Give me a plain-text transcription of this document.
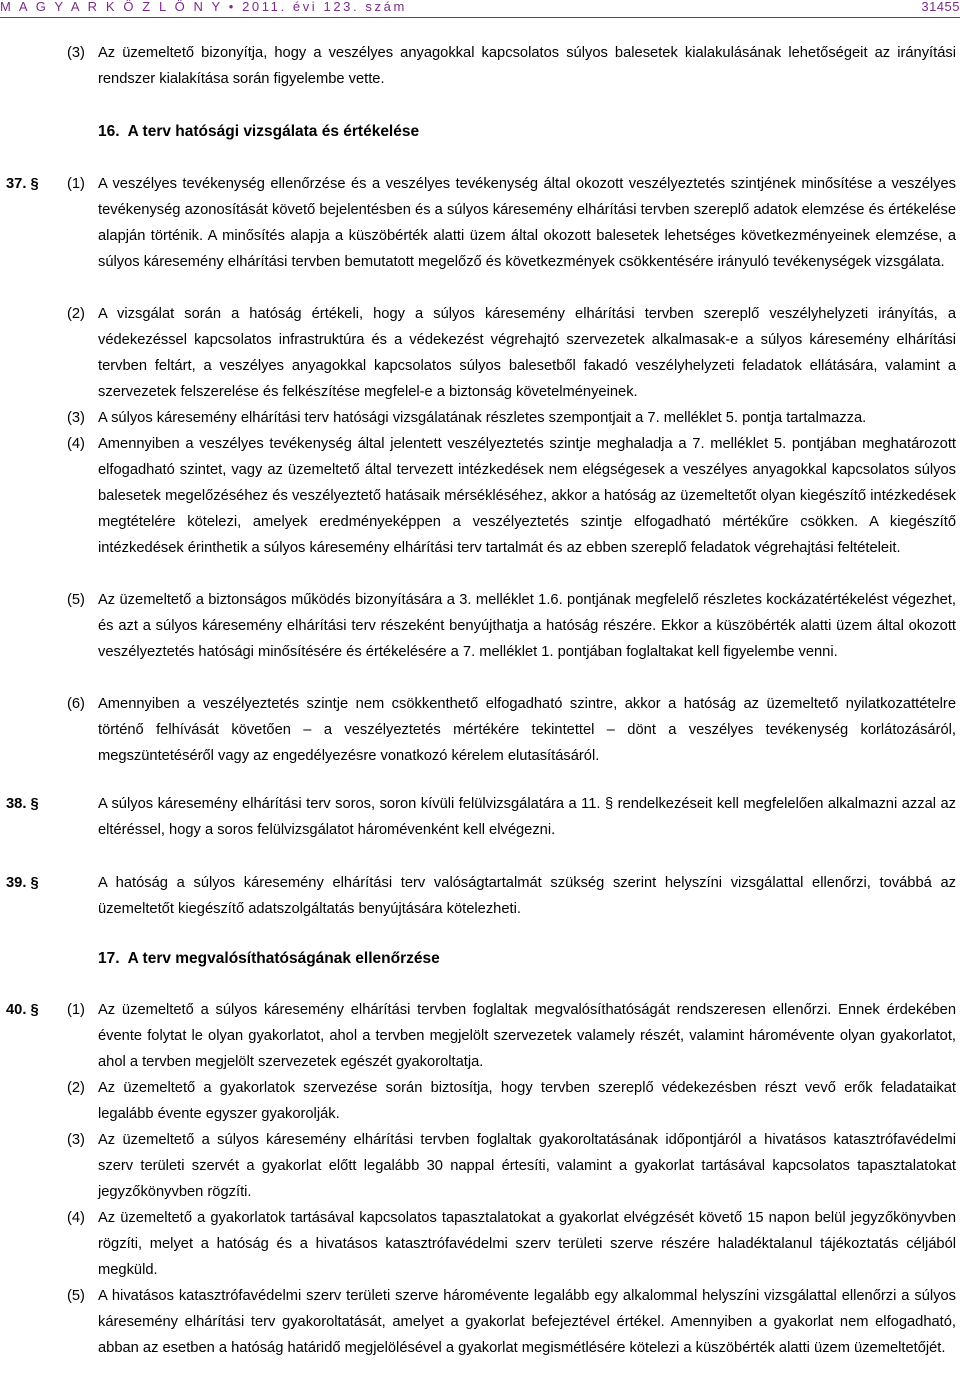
M A G Y A R K Ö Z L Ö N Y • 2011. évi 123. szám	31455
(3) Az üzemeltető bizonyítja, hogy a veszélyes anyagokkal kapcsolatos súlyos balesetek kialakulásának lehetőségeit az irányítási rendszer kialakítása során figyelembe vette.
16. A terv hatósági vizsgálata és értékelése
37. § (1) A veszélyes tevékenység ellenőrzése és a veszélyes tevékenység által okozott veszélyeztetés szintjének minősítése a veszélyes tevékenység azonosítását követő bejelentésben és a súlyos káresemény elhárítási tervben szereplő adatok elemzése és értékelése alapján történik. A minősítés alapja a küszöbérték alatti üzem által okozott balesetek lehetséges következményeinek elemzése, a súlyos káresemény elhárítási tervben bemutatott megelőző és következmények csökkentésére irányuló tevékenységek vizsgálata.
(2) A vizsgálat során a hatóság értékeli, hogy a súlyos káresemény elhárítási tervben szereplő veszélyhelyzeti irányítás, a védekezéssel kapcsolatos infrastruktúra és a védekezést végrehajtó szervezetek alkalmasak-e a súlyos káresemény elhárítási tervben feltárt, a veszélyes anyagokkal kapcsolatos súlyos balesetből fakadó veszélyhelyzeti feladatok ellátására, valamint a szervezetek felszerelése és felkészítése megfelel-e a biztonság követelményeinek.
(3) A súlyos káresemény elhárítási terv hatósági vizsgálatának részletes szempontjait a 7. melléklet 5. pontja tartalmazza.
(4) Amennyiben a veszélyes tevékenység által jelentett veszélyeztetés szintje meghaladja a 7. melléklet 5. pontjában meghatározott elfogadható szintet, vagy az üzemeltető által tervezett intézkedések nem elégségesek a veszélyes anyagokkal kapcsolatos súlyos balesetek megelőzéséhez és veszélyeztető hatásaik mérsékléséhez, akkor a hatóság az üzemeltetőt olyan kiegészítő intézkedések megtételére kötelezi, amelyek eredményeképpen a veszélyeztetés szintje elfogadható mértékűre csökken. A kiegészítő intézkedések érinthetik a súlyos káresemény elhárítási terv tartalmát és az ebben szereplő feladatok végrehajtási feltételeit.
(5) Az üzemeltető a biztonságos működés bizonyítására a 3. melléklet 1.6. pontjának megfelelő részletes kockázatértékelést végezhet, és azt a súlyos káresemény elhárítási terv részeként benyújthatja a hatóság részére. Ekkor a küszöbérték alatti üzem által okozott veszélyeztetés hatósági minősítésére és értékelésére a 7. melléklet 1. pontjában foglaltakat kell figyelembe venni.
(6) Amennyiben a veszélyeztetés szintje nem csökkenthető elfogadható szintre, akkor a hatóság az üzemeltető nyilatkozattételre történő felhívását követően – a veszélyeztetés mértékére tekintettel – dönt a veszélyes tevékenység korlátozásáról, megszüntetéséről vagy az engedélyezésre vonatkozó kérelem elutasításáról.
38. §	A súlyos káresemény elhárítási terv soros, soron kívüli felülvizsgálatára a 11. § rendelkezéseit kell megfelelően alkalmazni azzal az eltéréssel, hogy a soros felülvizsgálatot háromévenként kell elvégezni.
39. §	A hatóság a súlyos káresemény elhárítási terv valóságtartalmát szükség szerint helyszíni vizsgálattal ellenőrzi, továbbá az üzemeltetőt kiegészítő adatszolgáltatás benyújtására kötelezheti.
17. A terv megvalósíthatóságának ellenőrzése
40. § (1) Az üzemeltető a súlyos káresemény elhárítási tervben foglaltak megvalósíthatóságát rendszeresen ellenőrzi. Ennek érdekében évente folytat le olyan gyakorlatot, ahol a tervben megjelölt szervezetek valamely részét, valamint háromévente olyan gyakorlatot, ahol a tervben megjelölt szervezetek egészét gyakoroltatja.
(2) Az üzemeltető a gyakorlatok szervezése során biztosítja, hogy tervben szereplő védekezésben részt vevő erők feladataikat legalább évente egyszer gyakorolják.
(3) Az üzemeltető a súlyos káresemény elhárítási tervben foglaltak gyakoroltatásának időpontjáról a hivatásos katasztrófavédelmi szerv területi szervét a gyakorlat előtt legalább 30 nappal értesíti, valamint a gyakorlat tartásával kapcsolatos tapasztalatokat jegyzőkönyvben rögzíti.
(4) Az üzemeltető a gyakorlatok tartásával kapcsolatos tapasztalatokat a gyakorlat elvégzését követő 15 napon belül jegyzőkönyvben rögzíti, melyet a hatóság és a hivatásos katasztrófavédelmi szerv területi szerve részére haladéktalanul tájékoztatás céljából megküld.
(5) A hivatásos katasztrófavédelmi szerv területi szerve háromévente legalább egy alkalommal helyszíni vizsgálattal ellenőrzi a súlyos káresemény elhárítási terv gyakoroltatását, amelyet a gyakorlat befejeztével értékel. Amennyiben a gyakorlat nem elfogadható, abban az esetben a hatóság határidő megjelölésével a gyakorlat megismétlésére kötelezi a küszöbérték alatti üzem üzemeltetőjét.
